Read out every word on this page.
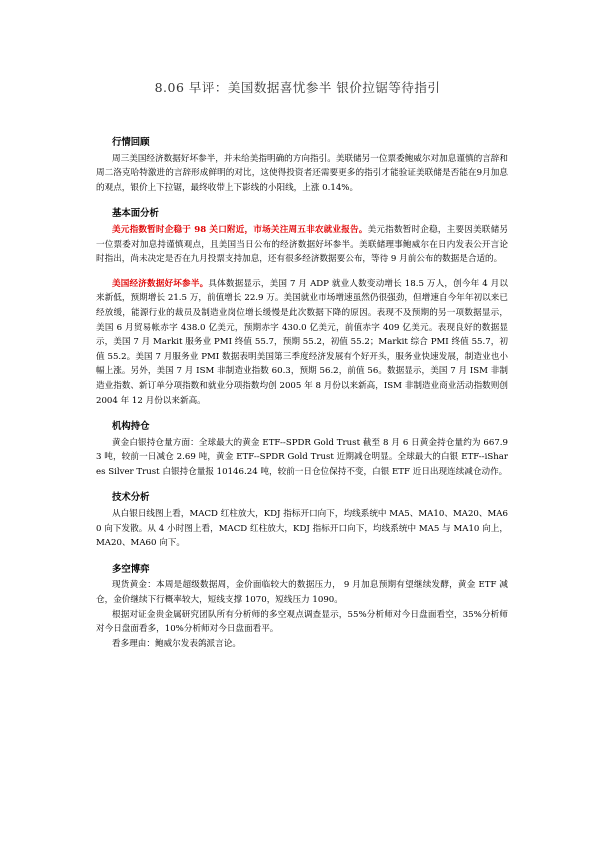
8.06 早评：美国数据喜忧参半 银价拉锯等待指引
行情回顾

周三美国经济数据好坏参半，并未给美指明确的方向指引。美联储另一位票委鲍威尔对加息谨慎的言辞和周二洛克哈特激进的言辞形成鲜明的对比，这使得投资者还需要更多的指引才能验证美联储是否能在9月加息的观点，银价上下拉锯，最终收带上下影线的小阳线，上涨 0.14%。

基本面分析

美元指数暂时企稳于 98 关口附近，市场关注周五非农就业报告。美元指数暂时企稳，主要因美联储另一位票委对加息持谨慎观点，且美国当日公布的经济数据好坏参半。美联储理事鲍威尔在日内发表公开言论时指出，尚未决定是否在九月投票支持加息，还有很多经济数据要公布，等待 9 月前公布的数据是合适的。

美国经济数据好坏参半。具体数据显示，美国 7 月 ADP 就业人数变动增长 18.5 万人，创今年 4 月以来新低，预期增长 21.5 万，前值增长 22.9 万。美国就业市场增速虽然仍很强劲，但增速自今年年初以来已经放缓，能源行业的裁员及制造业岗位增长缓慢是此次数据下降的原因。表现不及预期的另一项数据显示，美国 6 月贸易帐赤字 438.0 亿美元，预期赤字 430.0 亿美元，前值赤字 409 亿美元。表现良好的数据显示，美国 7 月 Markit 服务业 PMI 终值 55.7，预期 55.2，初值 55.2；Markit 综合 PMI 终值 55.7，初值 55.2。美国 7 月服务业 PMI 数据表明美国第三季度经济发展有个好开头，服务业快速发展，制造业也小幅上涨。另外，美国 7 月 ISM 非制造业指数 60.3，预期 56.2，前值 56。数据显示，美国 7 月 ISM 非制造业指数、新订单分项指数和就业分项指数均创 2005 年 8 月份以来新高，ISM 非制造业商业活动指数则创 2004 年 12 月份以来新高。

机构持仓

黄金白银持仓量方面：全球最大的黄金 ETF--SPDR Gold Trust 截至 8 月 6 日黄金持仓量约为 667.93 吨，较前一日减仓 2.69 吨，黄金 ETF--SPDR Gold Trust 近期减仓明显。全球最大的白银 ETF--iShares Silver Trust 白银持仓量报 10146.24 吨，较前一日仓位保持不变，白银 ETF 近日出现连续减仓动作。

技术分析

从白银日线图上看，MACD 红柱放大，KDJ 指标开口向下，均线系统中 MA5、MA10、MA20、MA60 向下发散。从 4 小时图上看，MACD 红柱放大，KDJ 指标开口向下，均线系统中 MA5 与 MA10 向上，MA20、MA60 向下。

多空博弈

现货黄金：本周是超级数据周，金价面临较大的数据压力， 9 月加息预期有望继续发酵，黄金 ETF 减仓，金价继续下行概率较大，短线支撑 1070，短线压力 1090。

根据对证金贵金属研究团队所有分析师的多空观点调查显示，55%分析师对今日盘面看空，35%分析师对今日盘面看多，10%分析师对今日盘面看平。

看多理由：鲍威尔发表鸽派言论。
